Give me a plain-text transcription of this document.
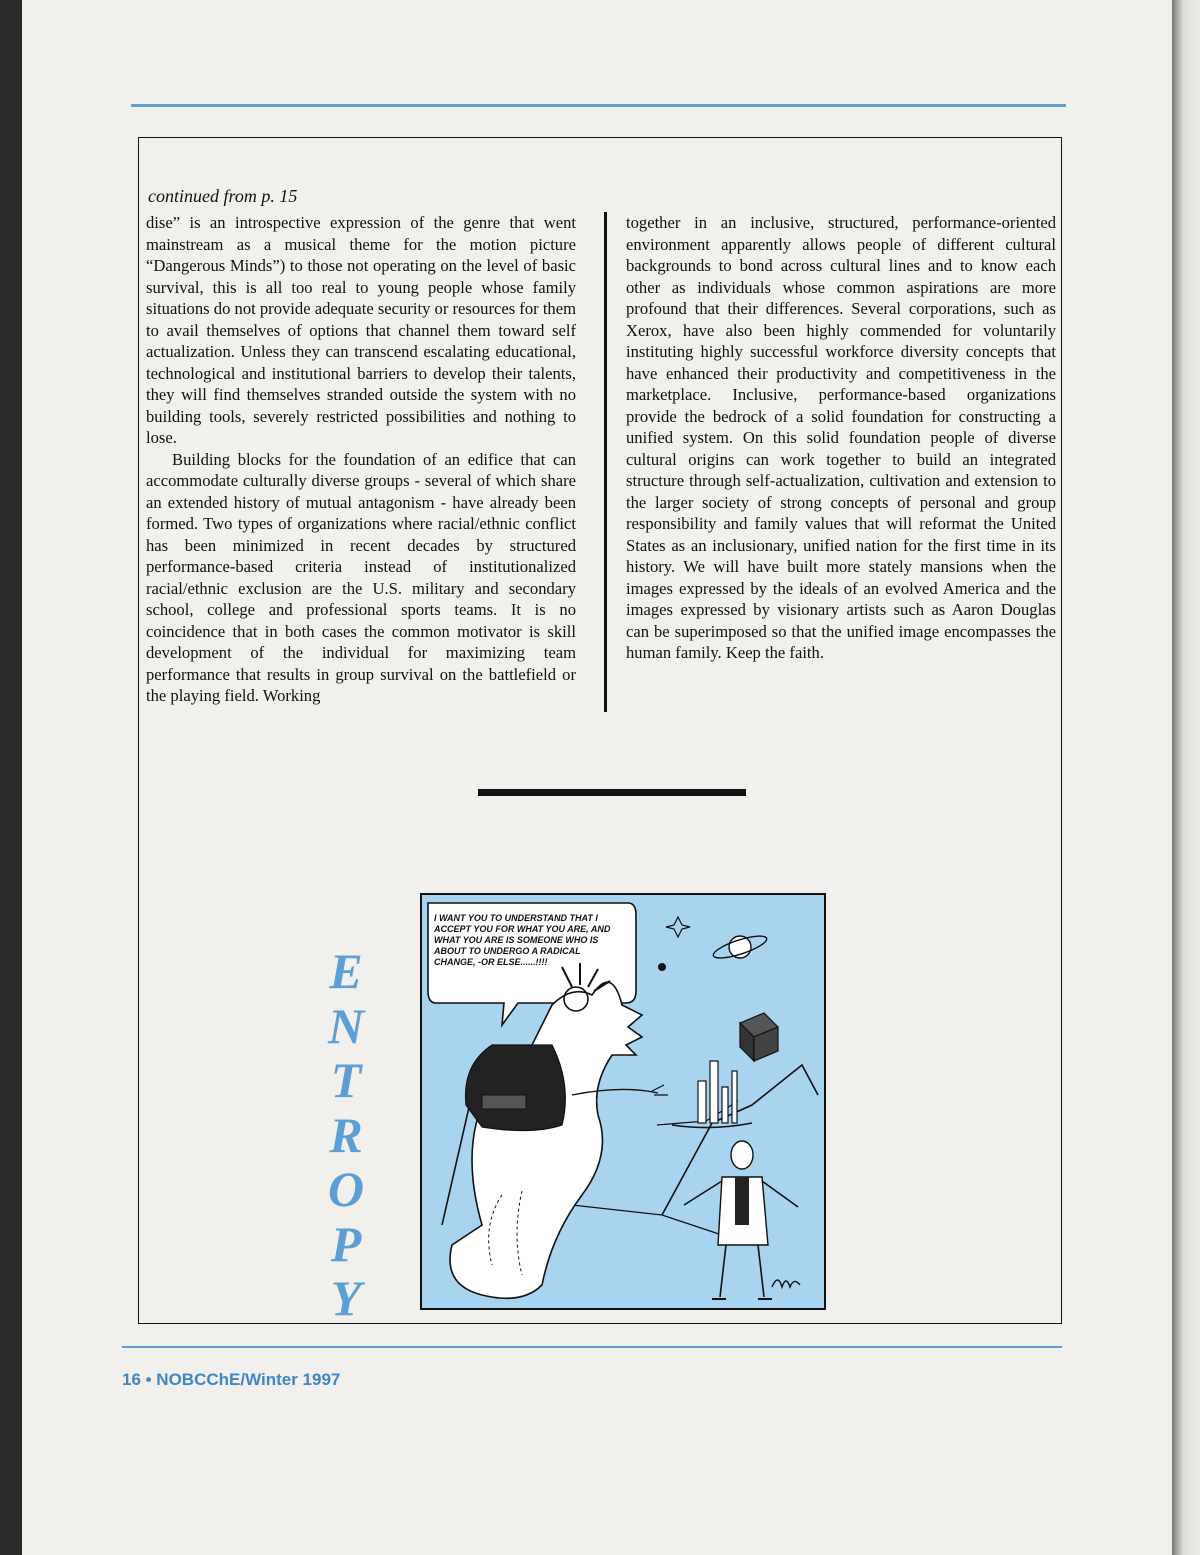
continued from p. 15

dise” is an introspective expression of the genre that went mainstream as a musical theme for the motion picture “Dangerous Minds”) to those not operating on the level of basic survival, this is all too real to young people whose family situations do not provide adequate security or resources for them to avail themselves of options that channel them toward self actualization. Unless they can transcend escalating educational, technological and institutional barriers to develop their talents, they will find themselves stranded outside the system with no building tools, severely restricted possibilities and nothing to lose.

Building blocks for the foundation of an edifice that can accommodate culturally diverse groups - several of which share an extended history of mutual antagonism - have already been formed. Two types of organizations where racial/ethnic conflict has been minimized in recent decades by structured performance-based criteria instead of institutionalized racial/ethnic exclusion are the U.S. military and secondary school, college and professional sports teams. It is no coincidence that in both cases the common motivator is skill development of the individual for maximizing team performance that results in group survival on the battlefield or the playing field. Working

together in an inclusive, structured, performance-oriented environment apparently allows people of different cultural backgrounds to bond across cultural lines and to know each other as individuals whose common aspirations are more profound that their differences. Several corporations, such as Xerox, have also been highly commended for voluntarily instituting highly successful workforce diversity concepts that have enhanced their productivity and competitiveness in the marketplace. Inclusive, performance-based organizations provide the bedrock of a solid foundation for constructing a unified system. On this solid foundation people of diverse cultural origins can work together to build an integrated structure through self-actualization, cultivation and extension to the larger society of strong concepts of personal and group responsibility and family values that will reformat the United States as an inclusionary, unified nation for the first time in its history. We will have built more stately mansions when the images expressed by the ideals of an evolved America and the images expressed by visionary artists such as Aaron Douglas can be superimposed so that the unified image encompasses the human family. Keep the faith.

E
N
T
R
O
P
Y
I WANT YOU TO UNDERSTAND THAT I ACCEPT YOU FOR WHAT YOU ARE, AND WHAT YOU ARE IS SOMEONE WHO IS ABOUT TO UNDERGO A RADICAL CHANGE, -OR ELSE......!!!!
16 • NOBCChE/Winter 1997
